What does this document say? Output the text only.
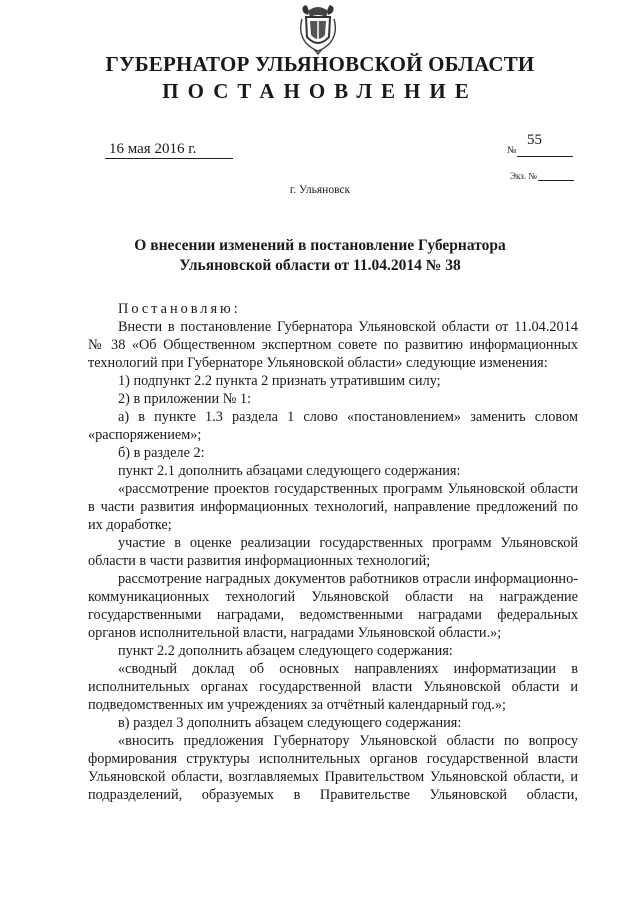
ГУБЕРНАТОР УЛЬЯНОВСКОЙ ОБЛАСТИ
ПОСТАНОВЛЕНИЕ
16 мая 2016 г.	№
55
Экз. №
г. Ульяновск
О внесении изменений в постановление Губернатора
Ульяновской области от 11.04.2014 № 38

Постановляю:

Внести в постановление Губернатора Ульяновской области от 11.04.2014 № 38 «Об Общественном экспертном совете по развитию информационных технологий при Губернаторе Ульяновской области» следующие изменения:

1) подпункт 2.2 пункта 2 признать утратившим силу;

2) в приложении № 1:

а) в пункте 1.3 раздела 1 слово «постановлением» заменить словом «распоряжением»;

б) в разделе 2:

пункт 2.1 дополнить абзацами следующего содержания:

«рассмотрение проектов государственных программ Ульяновской области в части развития информационных технологий, направление предложений по их доработке;

участие в оценке реализации государственных программ Ульяновской области в части развития информационных технологий;

рассмотрение наградных документов работников отрасли информационно-коммуникационных технологий Ульяновской области на награждение государственными наградами, ведомственными наградами федеральных органов исполнительной власти, наградами Ульяновской области.»;

пункт 2.2 дополнить абзацем следующего содержания:

«сводный доклад об основных направлениях информатизации в исполнительных органах государственной власти Ульяновской области и подведомственных им учреждениях за отчётный календарный год.»;

в) раздел 3 дополнить абзацем следующего содержания:

«вносить предложения Губернатору Ульяновской области по вопросу формирования структуры исполнительных органов государственной власти Ульяновской области, возглавляемых Правительством Ульяновской области, и подразделений, образуемых в Правительстве Ульяновской области,
